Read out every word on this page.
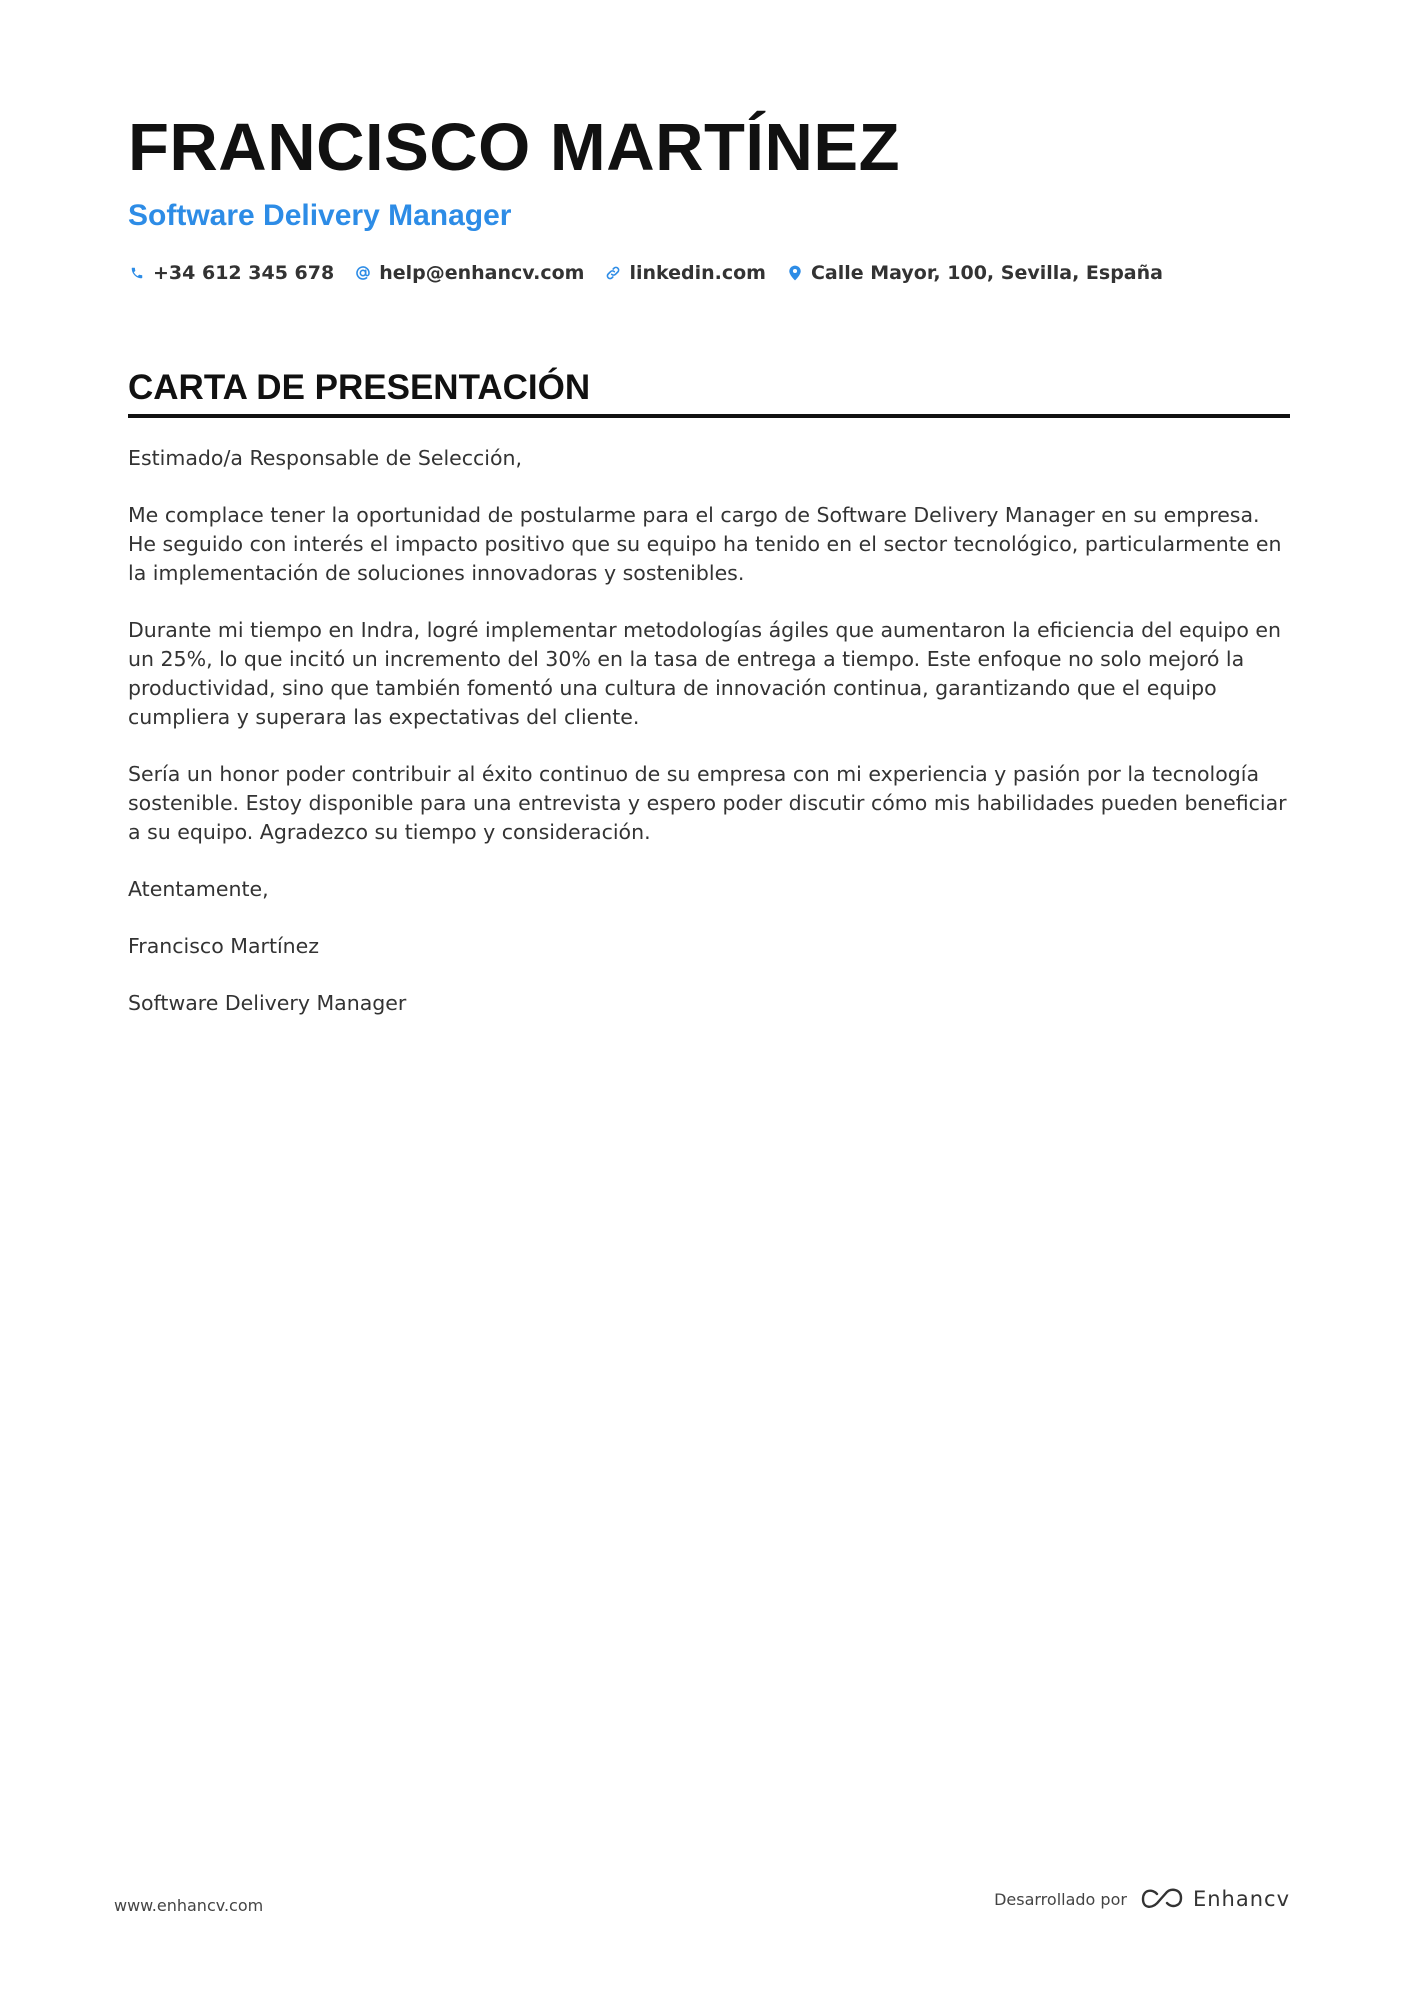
FRANCISCO MARTÍNEZ
Software Delivery Manager
+34 612 345 678 help@enhancv.com linkedin.com Calle Mayor, 100, Sevilla, España
CARTA DE PRESENTACIÓN

Estimado/a Responsable de Selección,

Me complace tener la oportunidad de postularme para el cargo de Software Delivery Manager en su empresa. He seguido con interés el impacto positivo que su equipo ha tenido en el sector tecnológico, particularmente en la implementación de soluciones innovadoras y sostenibles.

Durante mi tiempo en Indra, logré implementar metodologías ágiles que aumentaron la eficiencia del equipo en un 25%, lo que incitó un incremento del 30% en la tasa de entrega a tiempo. Este enfoque no solo mejoró la productividad, sino que también fomentó una cultura de innovación continua, garantizando que el equipo cumpliera y superara las expectativas del cliente.

Sería un honor poder contribuir al éxito continuo de su empresa con mi experiencia y pasión por la tecnología sostenible. Estoy disponible para una entrevista y espero poder discutir cómo mis habilidades pueden beneficiar a su equipo. Agradezco su tiempo y consideración.

Atentamente,

Francisco Martínez

Software Delivery Manager

www.enhancv.com	Desarrollado por	Enhancv
